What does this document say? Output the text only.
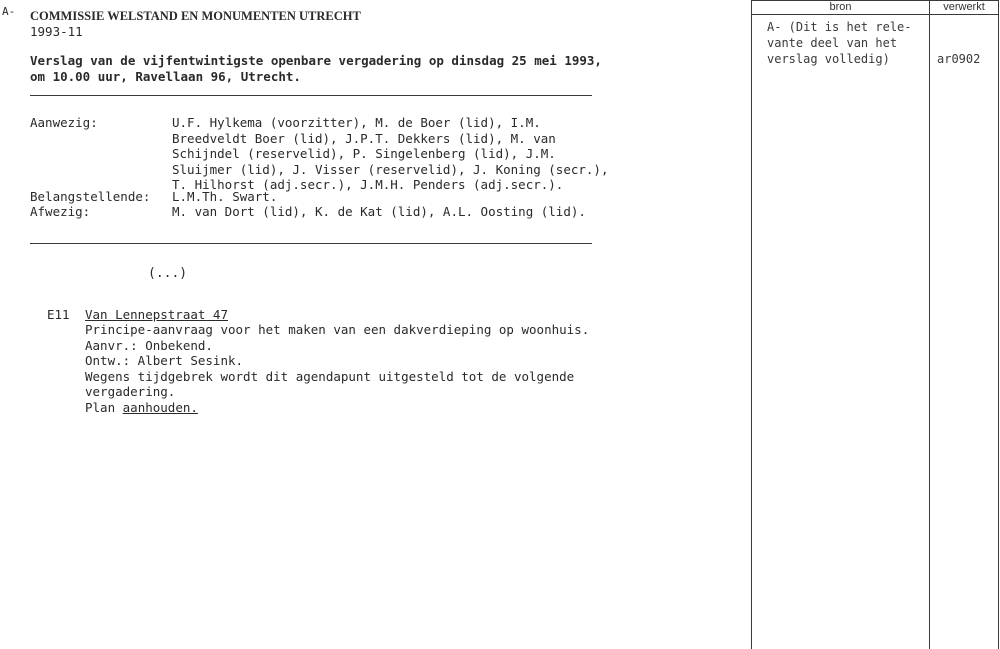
A- COMMISSIE WELSTAND EN MONUMENTEN UTRECHT
1993-11
Verslag van de vijfentwintigste openbare vergadering op dinsdag 25 mei 1993,
om 10.00 uur, Ravellaan 96, Utrecht.
Aanwezig:	U.F. Hylkema (voorzitter), M. de Boer (lid), I.M.
Breedveldt Boer (lid), J.P.T. Dekkers (lid), M. van
Schijndel (reservelid), P. Singelenberg (lid), J.M.
Sluijmer (lid), J. Visser (reservelid), J. Koning (secr.),
T. Hilhorst (adj.secr.), J.M.H. Penders (adj.secr.).
Belangstellende: L.M.Th. Swart.
Afwezig:	M. van Dort (lid), K. de Kat (lid), A.L. Oosting (lid).
(...)
E11 Van Lennepstraat 47
Principe-aanvraag voor het maken van een dakverdieping op woonhuis.
Aanvr.: Onbekend.
Ontw.: Albert Sesink.
Wegens tijdgebrek wordt dit agendapunt uitgesteld tot de volgende
vergadering.
Plan aanhouden.
bron	verwerkt
A- (Dit is het rele-
vante deel van het
verslag volledig)	ar0902
